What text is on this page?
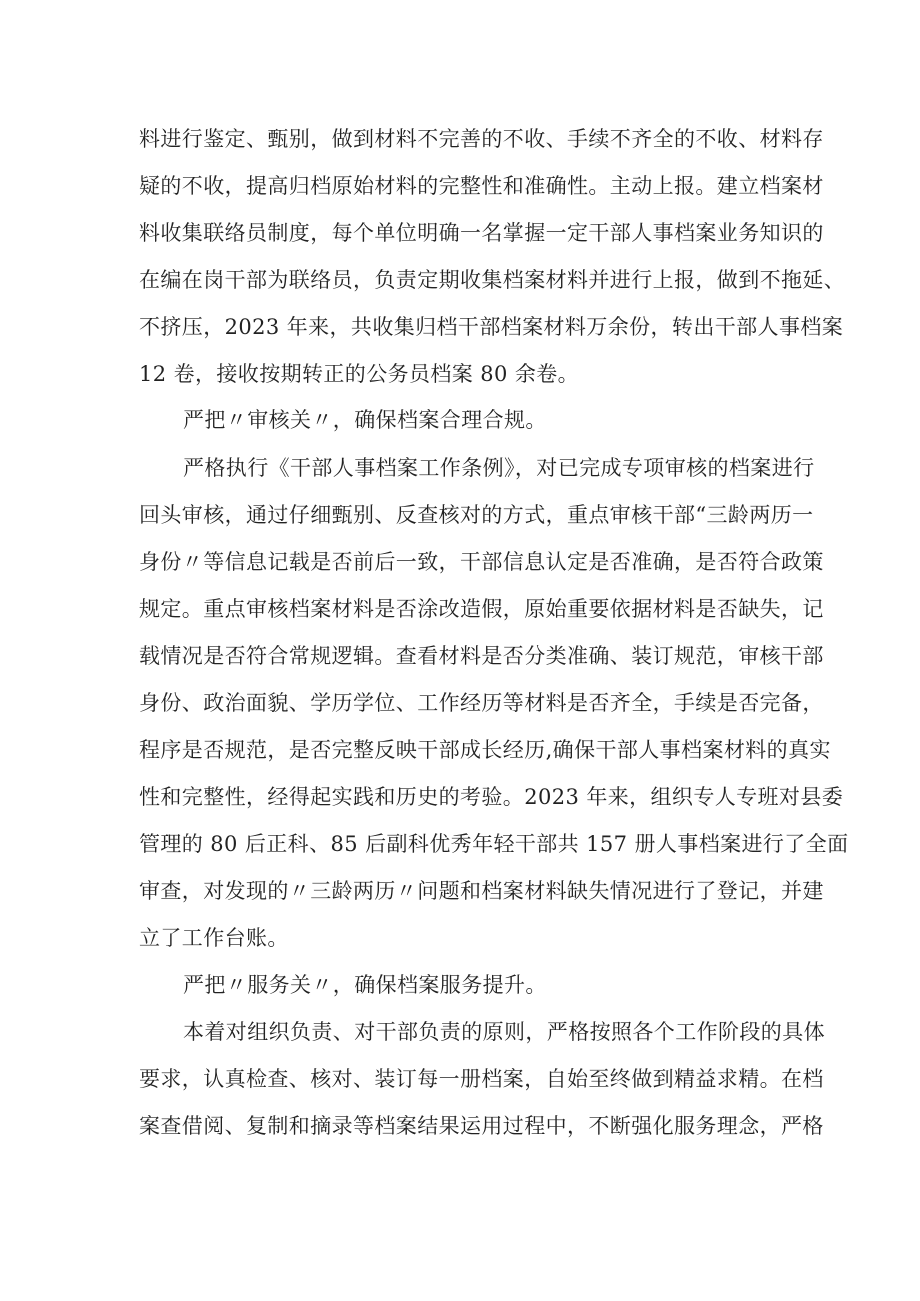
料进行鉴定、甄别，做到材料不完善的不收、手续不齐全的不收、材料存

疑的不收，提高归档原始材料的完整性和准确性。主动上报。建立档案材

料收集联络员制度，每个单位明确一名掌握一定干部人事档案业务知识的

在编在岗干部为联络员，负责定期收集档案材料并进行上报，做到不拖延、

不挤压，2023 年来，共收集归档干部档案材料万余份，转出干部人事档案

12 卷，接收按期转正的公务员档案 80 余卷。

严把〃审核关〃，确保档案合理合规。

严格执行《干部人事档案工作条例》，对已完成专项审核的档案进行

回头审核，通过仔细甄别、反查核对的方式，重点审核干部“三龄两历一

身份〃等信息记载是否前后一致，干部信息认定是否准确，是否符合政策

规定。重点审核档案材料是否涂改造假，原始重要依据材料是否缺失，记

载情况是否符合常规逻辑。查看材料是否分类准确、装订规范，审核干部

身份、政治面貌、学历学位、工作经历等材料是否齐全，手续是否完备，

程序是否规范，是否完整反映干部成长经历,确保干部人事档案材料的真实

性和完整性，经得起实践和历史的考验。2023 年来，组织专人专班对县委

管理的 80 后正科、85 后副科优秀年轻干部共 157 册人事档案进行了全面

审查，对发现的〃三龄两历〃问题和档案材料缺失情况进行了登记，并建

立了工作台账。

严把〃服务关〃，确保档案服务提升。

本着对组织负责、对干部负责的原则，严格按照各个工作阶段的具体

要求，认真检查、核对、装订每一册档案，自始至终做到精益求精。在档

案查借阅、复制和摘录等档案结果运用过程中，不断强化服务理念，严格
